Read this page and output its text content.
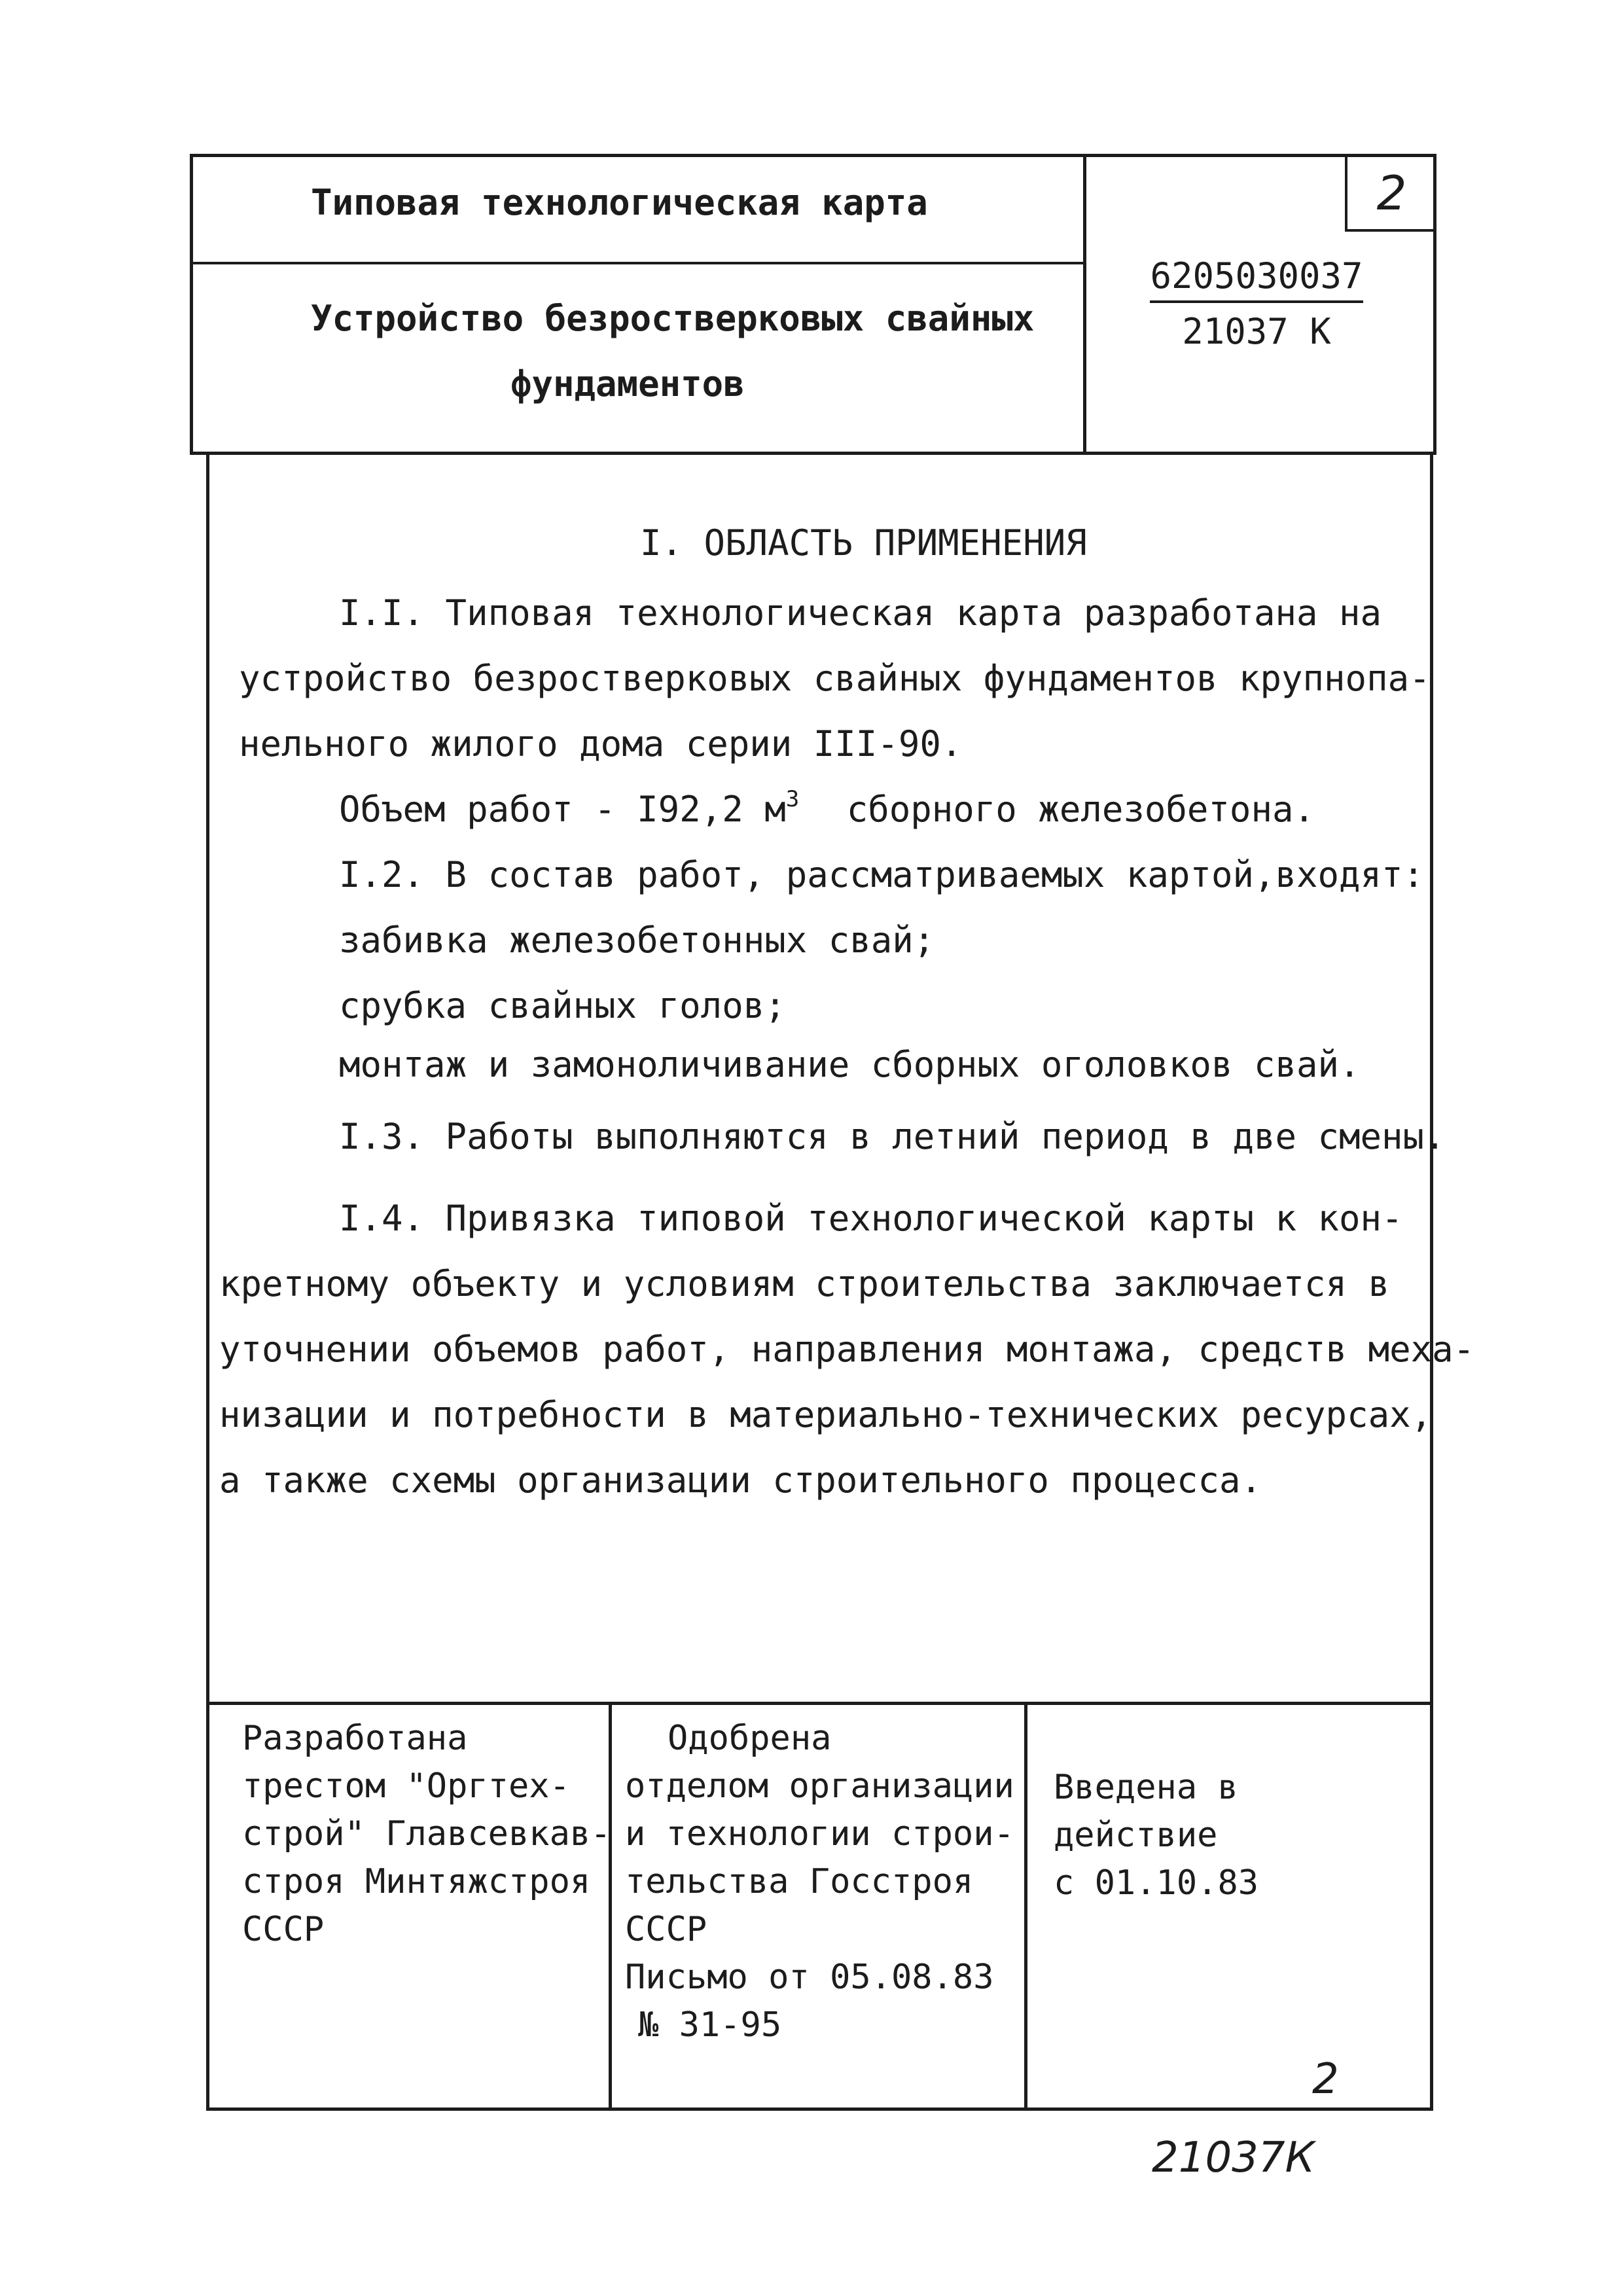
Типовая технологическая карта
Устройство безростверковых свайных
фундаментов
2
6205030037
21037 К
I. ОБЛАСТЬ ПРИМЕНЕНИЯ
I.I. Типовая технологическая карта разработана на
устройство безростверковых свайных фундаментов крупнопа-
нельного жилого дома серии III-90.
Объем работ - I92,2 $м^3$ сборного железобетона.
I.2. В состав работ, рассматриваемых картой,входят:
забивка железобетонных свай;
срубка свайных голов;
монтаж и замоноличивание сборных оголовков свай.
I.3. Работы выполняются в летний период в две смены.
I.4. Привязка типовой технологической карты к кон-
кретному объекту и условиям строительства заключается в
уточнении объемов работ, направления монтажа, средств меха-
низации и потребности в материально-технических ресурсах,
а также схемы организации строительного процесса.
Разработана
трестом "Оргтех-
строй" Главсевкав-
строя Минтяжстроя
СССР
Одобрена
отделом организации
и технологии строи-
тельства Госстроя
СССР
Письмо от 05.08.83
№ 31-95
Введена в
действие
с 01.10.83
2
21037К
